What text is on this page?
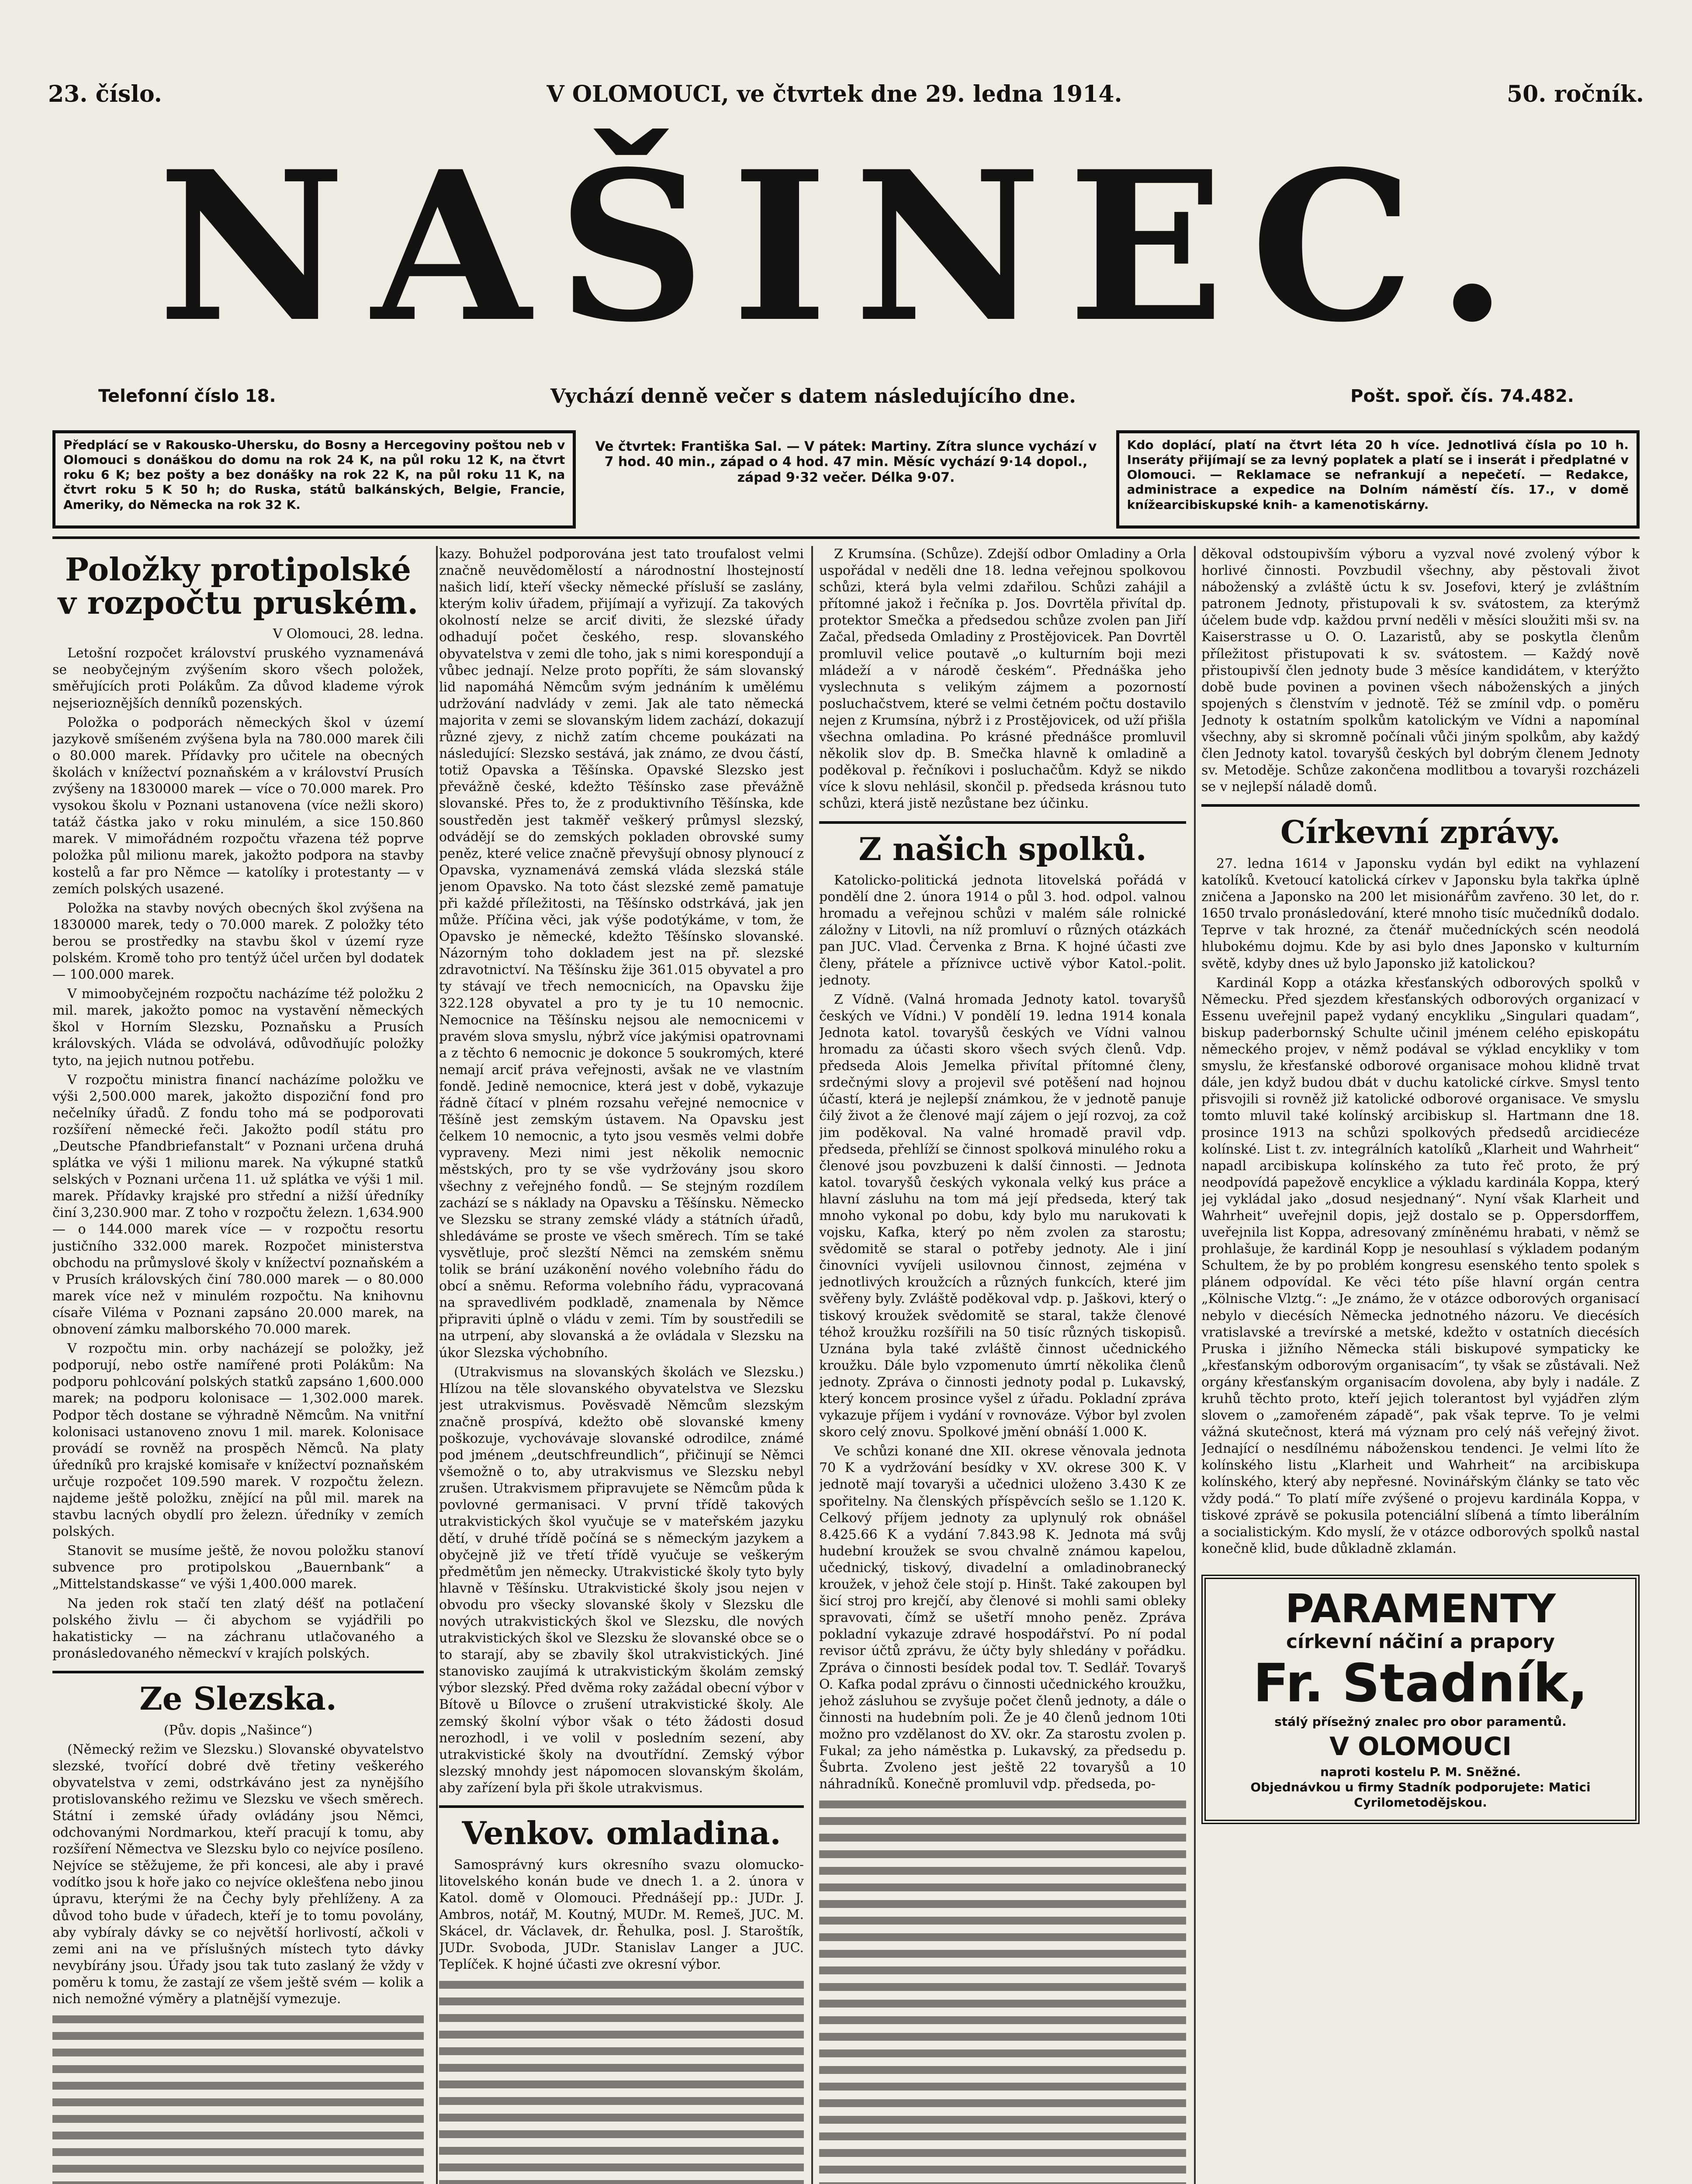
23. číslo.	V OLOMOUCI, ve čtvrtek dne 29. ledna 1914.	50. ročník.
NAŠINEC.
Telefonní číslo 18.	Vychází denně večer s datem následujícího dne.	Pošt. spoř. čís. 74.482.
Předplácí se v Rakousko-Uhersku, do Bosny a Hercegoviny poštou neb v Olomouci s donáškou do domu na rok 24 K, na půl roku 12 K, na čtvrt roku 6 K; bez pošty a bez donášky na rok 22 K, na půl roku 11 K, na čtvrt roku 5 K 50 h; do Ruska, států balkánských, Belgie, Francie, Ameriky, do Německa na rok 32 K.
Ve čtvrtek: Františka Sal. — V pátek: Martiny. Zítra slunce vychází v 7 hod. 40 min., západ o 4 hod. 47 min. Měsíc vychází 9·14 dopol., západ 9·32 večer. Délka 9·07.
Kdo doplácí, platí na čtvrt léta 20 h více. Jednotlivá čísla po 10 h. Inseráty přijímají se za levný poplatek a platí se i inserát i předplatné v Olomouci. — Reklamace se nefrankují a nepečetí. — Redakce, administrace a expedice na Dolním náměstí čís. 17., v domě knížearcibiskupské knih- a kamenotiskárny.
Položky protipolské v rozpočtu pruském.

V Olomouci, 28. ledna.

Letošní rozpočet království pruského vyznamenává se neobyčejným zvýšením skoro všech položek, směřujících proti Polákům. Za důvod klademe výrok nejserioznějších denníků pozenských.

Položka o podporách německých škol v území jazykově smíšeném zvýšena byla na 780.000 marek čili o 80.000 marek. Přídavky pro učitele na obecných školách v knížectví poznaňském a v království Prusích zvýšeny na 1830000 marek — více o 70.000 marek. Pro vysokou školu v Poznani ustanovena (více nežli skoro) tatáž částka jako v roku minulém, a sice 150.860 marek. V mimořádném rozpočtu vřazena též poprve položka půl milionu marek, jakožto podpora na stavby kostelů a far pro Němce — katolíky i protestanty — v zemích polských usazené.

Položka na stavby nových obecných škol zvýšena na 1830000 marek, tedy o 70.000 marek. Z položky této berou se prostředky na stavbu škol v území ryze polském. Kromě toho pro tentýž účel určen byl dodatek — 100.000 marek.

V mimoobyčejném rozpočtu nacházíme též položku 2 mil. marek, jakožto pomoc na vystavění německých škol v Horním Slezsku, Poznaňsku a Prusích královských. Vláda se odvolává, odůvodňujíc položky tyto, na jejich nutnou potřebu.

V rozpočtu ministra financí nacházíme položku ve výši 2,500.000 marek, jakožto dispoziční fond pro nečelníky úřadů. Z fondu toho má se podporovati rozšíření německé řeči. Jakožto podíl státu pro „Deutsche Pfandbriefanstalt“ v Poznani určena druhá splátka ve výši 1 milionu marek. Na výkupné statků selských v Poznani určena 11. už splátka ve výši 1 mil. marek. Přídavky krajské pro střední a nižší úředníky činí 3,230.900 mar. Z toho v rozpočtu železn. 1,634.900 — o 144.000 marek více — v rozpočtu resortu justičního 332.000 marek. Rozpočet ministerstva obchodu na průmyslové školy v knížectví poznaňském a v Prusích královských činí 780.000 marek — o 80.000 marek více než v minulém rozpočtu. Na knihovnu císaře Viléma v Poznani zapsáno 20.000 marek, na obnovení zámku malborského 70.000 marek.

V rozpočtu min. orby nacházejí se položky, jež podporují, nebo ostře namířené proti Polákům: Na podporu pohlcování polských statků zapsáno 1,600.000 marek; na podporu kolonisace — 1,302.000 marek. Podpor těch dostane se výhradně Němcům. Na vnitřní kolonisaci ustanoveno znovu 1 mil. marek. Kolonisace provádí se rovněž na prospěch Němců. Na platy úředníků pro krajské komisaře v knížectví poznaňském určuje rozpočet 109.590 marek. V rozpočtu železn. najdeme ještě položku, znějící na půl mil. marek na stavbu lacných obydlí pro železn. úředníky v zemích polských.

Stanovit se musíme ještě, že novou položku stanoví subvence pro protipolskou „Bauernbank“ a „Mittelstandskasse“ ve výši 1,400.000 marek.

Na jeden rok stačí ten zlatý déšť na potlačení polského živlu — či abychom se vyjádřili po hakatisticky — na záchranu utlačovaného a pronásledovaného německví v krajích polských.

Ze Slezska.

(Pův. dopis „Našince“)

(Německý režim ve Slezsku.) Slovanské obyvatelstvo slezské, tvořící dobré dvě třetiny veškerého obyvatelstva v zemi, odstrkáváno jest za nynějšího protislovanského režimu ve Slezsku ve všech směrech. Státní i zemské úřady ovládány jsou Němci, odchovanými Nordmarkou, kteří pracují k tomu, aby rozšíření Němectva ve Slezsku bylo co nejvíce posíleno. Nejvíce se stěžujeme, že při koncesi, ale aby i pravé vodítko jsou k hoře jako co nejvíce oklešťena nebo jinou úpravu, kterými že na Čechy byly přehlíženy. A za důvod toho bude v úřadech, kteří je to tomu povolány, aby vybíraly dávky se co největší horlivostí, ačkoli v zemi ani na ve příslušných místech tyto dávky nevybírány jsou. Úřady jsou tak tuto zaslaný že vždy v poměru k tomu, že zastají ze všem ještě svém — kolik a nich nemožné výměry a platnější vymezuje.

kazy. Bohužel podporována jest tato troufalost velmi značně neuvědomělostí a národnostní lhostejností našich lidí, kteří všecky německé přísluší se zaslány, kterým koliv úřadem, přijímají a vyřizují. Za takových okolností nelze se arciť diviti, že slezské úřady odhadují počet českého, resp. slovanského obyvatelstva v zemi dle toho, jak s nimi korespondují a vůbec jednají. Nelze proto popříti, že sám slovanský lid napomáhá Němcům svým jednáním k umělému udržování nadvlády v zemi. Jak ale tato německá majorita v zemi se slovanským lidem zachází, dokazují různé zjevy, z nichž zatím chceme poukázati na následující: Slezsko sestává, jak známo, ze dvou částí, totiž Opavska a Těšínska. Opavské Slezsko jest převážně české, kdežto Těšínsko zase převážně slovanské. Přes to, že z produktivního Těšínska, kde soustředěn jest takměř veškerý průmysl slezský, odvádějí se do zemských pokladen obrovské sumy peněz, které velice značně převyšují obnosy plynoucí z Opavska, vyznamenává zemská vláda slezská stále jenom Opavsko. Na toto část slezské země pamatuje při každé příležitosti, na Těšínsko odstrkává, jak jen může. Příčina věci, jak výše podotýkáme, v tom, že Opavsko je německé, kdežto Těšínsko slovanské. Názorným toho dokladem jest na př. slezské zdravotnictví. Na Těšínsku žije 361.015 obyvatel a pro ty stávají ve třech nemocnicích, na Opavsku žije 322.128 obyvatel a pro ty je tu 10 nemocnic. Nemocnice na Těšínsku nejsou ale nemocnicemi v pravém slova smyslu, nýbrž více jakýmisi opatrovnami a z těchto 6 nemocnic je dokonce 5 soukromých, které nemají arciť práva veřejnosti, avšak ne ve vlastním fondě. Jedině nemocnice, která jest v době, vykazuje řádně čítací v plném rozsahu veřejné nemocnice v Těšíně jest zemským ústavem. Na Opavsku jest čelkem 10 nemocnic, a tyto jsou vesměs velmi dobře vypraveny. Mezi nimi jest několik nemocnic městských, pro ty se vše vydržovány jsou skoro všechny z veřejného fondů. — Se stejným rozdílem zachází se s náklady na Opavsku a Těšínsku. Německo ve Slezsku se strany zemské vlády a státních úřadů, shledáváme se proste ve všech směrech. Tím se také vysvětluje, proč slezští Němci na zemském sněmu tolik se brání uzákonění nového volebního řádu do obcí a sněmu. Reforma volebního řádu, vypracovaná na spravedlivém podkladě, znamenala by Němce připraviti úplně o vládu v zemi. Tím by soustředili se na utrpení, aby slovanská a že ovládala v Slezsku na úkor Slezska výchobního.

(Utrakvismus na slovanských školách ve Slezsku.) Hlízou na těle slovanského obyvatelstva ve Slezsku jest utrakvismus. Pověsvadě Němcům slezským značně prospívá, kdežto obě slovanské kmeny poškozuje, vychovávaje slovanské odrodilce, známé pod jménem „deutschfreundlich“, přičinují se Němci všemožně o to, aby utrakvismus ve Slezsku nebyl zrušen. Utrakvismem připravujete se Němcům půda k povlovné germanisaci. V první třídě takových utrakvistických škol vyučuje se v mateřském jazyku dětí, v druhé třídě počíná se s německým jazykem a obyčejně již ve třetí třídě vyučuje se veškerým předmětům jen německy. Utrakvistické školy tyto byly hlavně v Těšínsku. Utrakvistické školy jsou nejen v obvodu pro všecky slovanské školy v Slezsku dle nových utrakvistických škol ve Slezsku, dle nových utrakvistických škol ve Slezsku že slovanské obce se o to starají, aby se zbavily škol utrakvistických. Jiné stanovisko zaujímá k utrakvistickým školám zemský výbor slezský. Před dvěma roky zažádal obecní výbor v Bítově u Bílovce o zrušení utrakvistické školy. Ale zemský školní výbor však o této žádosti dosud nerozhodl, i ve volil v posledním sezení, aby utrakvistické školy na dvoutřídní. Zemský výbor slezský mnohdy jest nápomocen slovanským školám, aby zařízení byla při škole utrakvismus.

Venkov. omladina.

Samosprávný kurs okresního svazu olomucko-litovelského konán bude ve dnech 1. a 2. února v Katol. domě v Olomouci. Přednášejí pp.: JUDr. J. Ambros, notář, M. Koutný, MUDr. M. Remeš, JUC. M. Skácel, dr. Václavek, dr. Řehulka, posl. J. Staroštík, JUDr. Svoboda, JUDr. Stanislav Langer a JUC. Teplíček. K hojné účasti zve okresní výbor.

Z Krumsína. (Schůze). Zdejší odbor Omladiny a Orla uspořádal v neděli dne 18. ledna veřejnou spolkovou schůzi, která byla velmi zdařilou. Schůzi zahájil a přítomné jakož i řečníka p. Jos. Dovrtěla přivítal dp. protektor Smečka a předsedou schůze zvolen pan Jiří Začal, předseda Omladiny z Prostějovicek. Pan Dovrtěl promluvil velice poutavě „o kulturním boji mezi mládeží a v národě českém“. Přednáška jeho vyslechnuta s velikým zájmem a pozorností posluchačstvem, které se velmi četném počtu dostavilo nejen z Krumsína, nýbrž i z Prostějovicek, od uží přišla všechna omladina. Po krásné přednášce promluvil několik slov dp. B. Smečka hlavně k omladině a poděkoval p. řečníkovi i posluchačům. Když se nikdo více k slovu nehlásil, skončil p. předseda krásnou tuto schůzi, která jistě nezůstane bez účinku.

Z našich spolků.

Katolicko-politická jednota litovelská pořádá v pondělí dne 2. února 1914 o půl 3. hod. odpol. valnou hromadu a veřejnou schůzi v malém sále rolnické záložny v Litovli, na níž promluví o různých otázkách pan JUC. Vlad. Červenka z Brna. K hojné účasti zve členy, přátele a příznivce uctivě výbor Katol.-polit. jednoty.

Z Vídně. (Valná hromada Jednoty katol. tovaryšů českých ve Vídni.) V pondělí 19. ledna 1914 konala Jednota katol. tovaryšů českých ve Vídni valnou hromadu za účasti skoro všech svých členů. Vdp. předseda Alois Jemelka přivítal přítomné členy, srdečnými slovy a projevil své potěšení nad hojnou účastí, která je nejlepší známkou, že v jednotě panuje čilý život a že členové mají zájem o její rozvoj, za což jim poděkoval. Na valné hromadě pravil vdp. předseda, přehlíží se činnost spolková minulého roku a členové jsou povzbuzeni k další činnosti. — Jednota katol. tovaryšů českých vykonala velký kus práce a hlavní zásluhu na tom má její předseda, který tak mnoho vykonal po dobu, kdy bylo mu narukovati k vojsku, Kafka, který po něm zvolen za starostu; svědomitě se staral o potřeby jednoty. Ale i jiní činovníci vyvíjeli usilovnou činnost, zejména v jednotlivých kroužcích a různých funkcích, které jim svěřeny byly. Zvláště poděkoval vdp. p. Jaškovi, který o tiskový kroužek svědomitě se staral, takže členové téhož kroužku rozšířili na 50 tisíc různých tiskopisů. Uznána byla také zvláště činnost učednického kroužku. Dále bylo vzpomenuto úmrtí několika členů jednoty. Zpráva o činnosti jednoty podal p. Lukavský, který koncem prosince vyšel z úřadu. Pokladní zpráva vykazuje příjem i vydání v rovnováze. Výbor byl zvolen skoro celý znovu. Spolkové jmění obnáší 1.000 K.

Ve schůzi konané dne XII. okrese věnovala jednota 70 K a vydržování besídky v XV. okrese 300 K. V jednotě mají tovaryši a učednici uloženo 3.430 K ze spořitelny. Na členských příspěvcích sešlo se 1.120 K. Celkový příjem jednoty za uplynulý rok obnášel 8.425.66 K a vydání 7.843.98 K. Jednota má svůj hudební kroužek se svou chvalně známou kapelou, učednický, tiskový, divadelní a omladinobranecký kroužek, v jehož čele stojí p. Hinšt. Také zakoupen byl šicí stroj pro krejčí, aby členové si mohli sami obleky spravovati, čímž se ušetří mnoho peněz. Zpráva pokladní vykazuje zdravé hospodářství. Po ní podal revisor účtů zprávu, že účty byly shledány v pořádku. Zpráva o činnosti besídek podal tov. T. Sedlář. Tovaryš O. Kafka podal zprávu o činnosti učednického kroužku, jehož zásluhou se zvyšuje počet členů jednoty, a dále o činnosti na hudebním poli. Že je 40 členů jednom 10ti možno pro vzdělanost do XV. okr. Za starostu zvolen p. Fukal; za jeho náměstka p. Lukavský, za předsedu p. Šubrta. Zvoleno jest ještě 22 tovaryšů a 10 náhradníků. Konečně promluvil vdp. předseda, po-

děkoval odstoupivším výboru a vyzval nové zvolený výbor k horlivé činnosti. Povzbudil všechny, aby pěstovali život náboženský a zvláště úctu k sv. Josefovi, který je zvláštním patronem Jednoty, přistupovali k sv. svátostem, za kterýmž účelem bude vdp. každou první neděli v měsíci sloužiti mši sv. na Kaiserstrasse u O. O. Lazaristů, aby se poskytla členům příležitost přistupovati k sv. svátostem. — Každý nově přistoupivší člen jednoty bude 3 měsíce kandidátem, v kterýžto době bude povinen a povinen všech náboženských a jiných spojených s členstvím v jednotě. Též se zmínil vdp. o poměru Jednoty k ostatním spolkům katolickým ve Vídni a napomínal všechny, aby si skromně počínali vůči jiným spolkům, aby každý člen Jednoty katol. tovaryšů českých byl dobrým členem Jednoty sv. Metoděje. Schůze zakončena modlitbou a tovaryši rozcházeli se v nejlepší náladě domů.

Církevní zprávy.

27. ledna 1614 v Japonsku vydán byl edikt na vyhlazení katolíků. Kvetoucí katolická církev v Japonsku byla takřka úplně zničena a Japonsko na 200 let misionářům zavřeno. 30 let, do r. 1650 trvalo pronásledování, které mnoho tisíc mučedníků dodalo. Teprve v tak hrozné, za čtenář mučedníckých scén neodolá hlubokému dojmu. Kde by asi bylo dnes Japonsko v kulturním světě, kdyby dnes už bylo Japonsko již katolickou?

Kardinál Kopp a otázka křesťanských odborových spolků v Německu. Před sjezdem křesťanských odborových organizací v Essenu uveřejnil papež vydaný encykliku „Singulari quadam“, biskup paderbornský Schulte učinil jménem celého episkopátu německého projev, v němž podával se výklad encykliky v tom smyslu, že křesťanské odborové organisace mohou klidně trvat dále, jen když budou dbát v duchu katolické církve. Smysl tento přisvojili si rovněž již katolické odborové organisace. Ve smyslu tomto mluvil také kolínský arcibiskup sl. Hartmann dne 18. prosince 1913 na schůzi spolkových předsedů arcidiecéze kolínské. List t. zv. integrálních katolíků „Klarheit und Wahrheit“ napadl arcibiskupa kolínského za tuto řeč proto, že prý neodpovídá papežově encyklice a výkladu kardinála Koppa, který jej vykládal jako „dosud nesjednaný“. Nyní však Klarheit und Wahrheit“ uveřejnil dopis, jejž dostalo se p. Oppersdorffem, uveřejnila list Koppa, adresovaný zmíněnému hrabati, v němž se prohlašuje, že kardinál Kopp je nesouhlasí s výkladem podaným Schultem, že by po problém kongresu esenského tento spolek s plánem odpovídal. Ke věci této píše hlavní orgán centra „Kölnische Vlztg.“: „Je známo, že v otázce odborových organisací nebylo v diecésích Německa jednotného názoru. Ve diecésích vratislavské a trevírské a metské, kdežto v ostatních diecésích Pruska i jižního Německa stáli biskupové sympaticky ke „křesťanským odborovým organisacím“, ty však se zůstávali. Než orgány křesťanským organisacím dovolena, aby byly i nadále. Z kruhů těchto proto, kteří jejich tolerantost byl vyjádřen zlým slovem o „zamořeném západě“, pak však teprve. To je velmi vážná skutečnost, která má význam pro celý náš veřejný život. Jednající o nesdílnému náboženskou tendenci. Je velmi líto že kolínského listu „Klarheit und Wahrheit“ na arcibiskupa kolínského, který aby nepřesné. Novinářským články se tato věc vždy podá.“ To platí míře zvýšené o projevu kardinála Koppa, v tiskové zprávě se pokusila potenciální slíbená a tímto liberálním a socialistickým. Kdo myslí, že v otázce odborových spolků nastal konečně klid, bude důkladně zklamán.

PARAMENTY
církevní náčiní a prapory
Fr. Stadník,
stálý přísežný znalec pro obor paramentů.
V OLOMOUCI
naproti kostelu P. M. Sněžné.
Objednávkou u firmy Stadník podporujete: Matici Cyrilometodějskou.
